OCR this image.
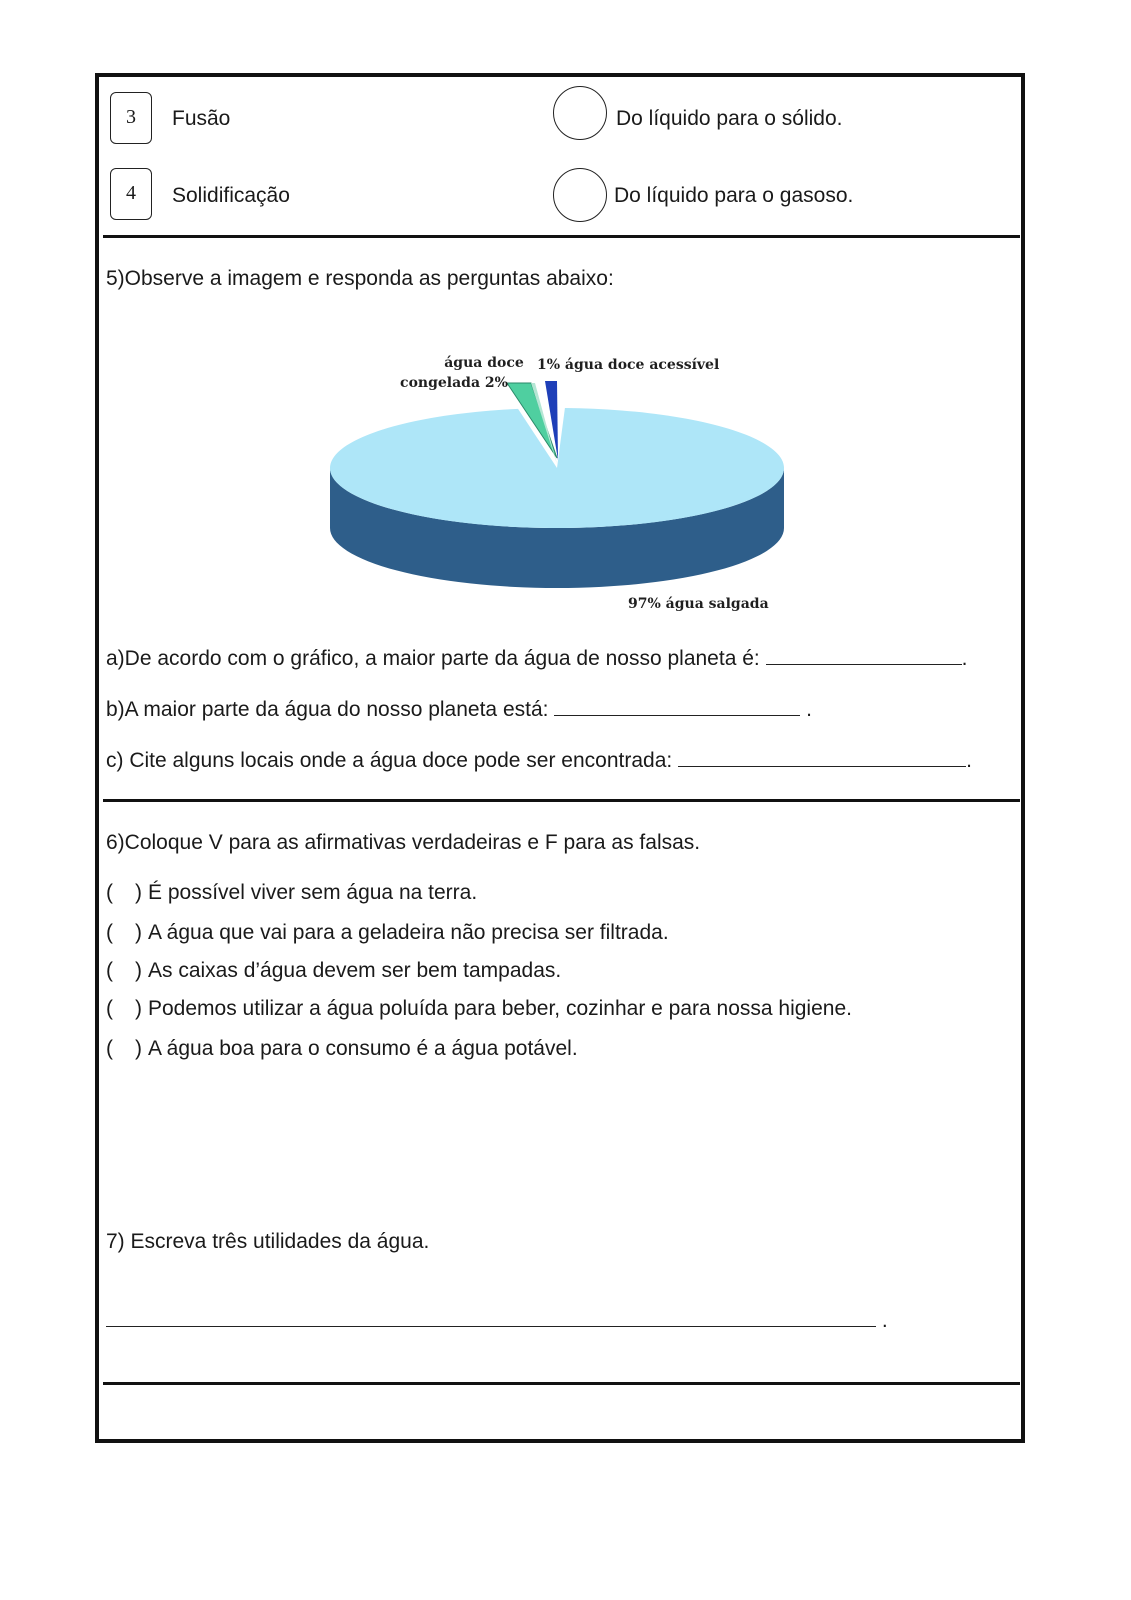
3	Fusão	Do líquido para o sólido.
4	Solidificação	Do líquido para o gasoso.
5)Observe a imagem e responda as perguntas abaixo:
água doce
congelada 2%
1% água doce acessível
97% água salgada
a)De acordo com o gráfico, a maior parte da água de nosso planeta é:	.
b)A maior parte da água do nosso planeta está:	.
c) Cite alguns locais onde a água doce pode ser encontrada:	.
6)Coloque V para as afirmativas verdadeiras e F para as falsas.
( ) É possível viver sem água na terra.
( ) A água que vai para a geladeira não precisa ser filtrada.
( ) As caixas d’água devem ser bem tampadas.
( ) Podemos utilizar a água poluída para beber, cozinhar e para nossa higiene.
( ) A água boa para o consumo é a água potável.
7) Escreva três utilidades da água.
.
